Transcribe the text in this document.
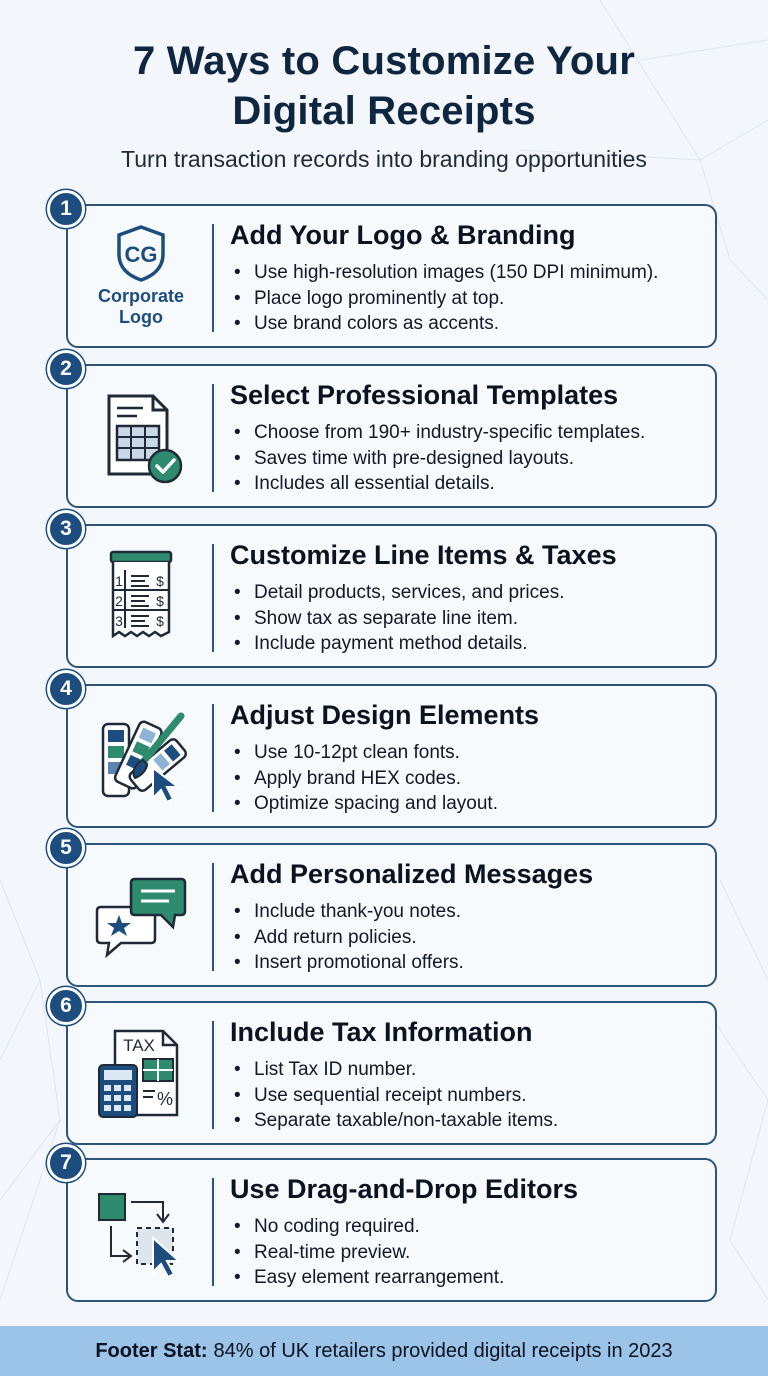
7 Ways to Customize Your
Digital Receipts
Turn transaction records into branding opportunities
1
CG
Corporate
Logo
Add Your Logo & Branding
• Use high-resolution images (150 DPI minimum).
• Place logo prominently at top.
• Use brand colors as accents.
2
Select Professional Templates
• Choose from 190+ industry-specific templates.
• Saves time with pre-designed layouts.
• Includes all essential details.
3
1
2
3
$
$
$
Customize Line Items & Taxes
• Detail products, services, and prices.
• Show tax as separate line item.
• Include payment method details.
4
Adjust Design Elements
• Use 10-12pt clean fonts.
• Apply brand HEX codes.
• Optimize spacing and layout.
5
Add Personalized Messages
• Include thank-you notes.
• Add return policies.
• Insert promotional offers.
6
TAX
%
Include Tax Information
• List Tax ID number.
• Use sequential receipt numbers.
• Separate taxable/non-taxable items.
7
Use Drag-and-Drop Editors
• No coding required.
• Real-time preview.
• Easy element rearrangement.
Footer Stat: 84% of UK retailers provided digital receipts in 2023
